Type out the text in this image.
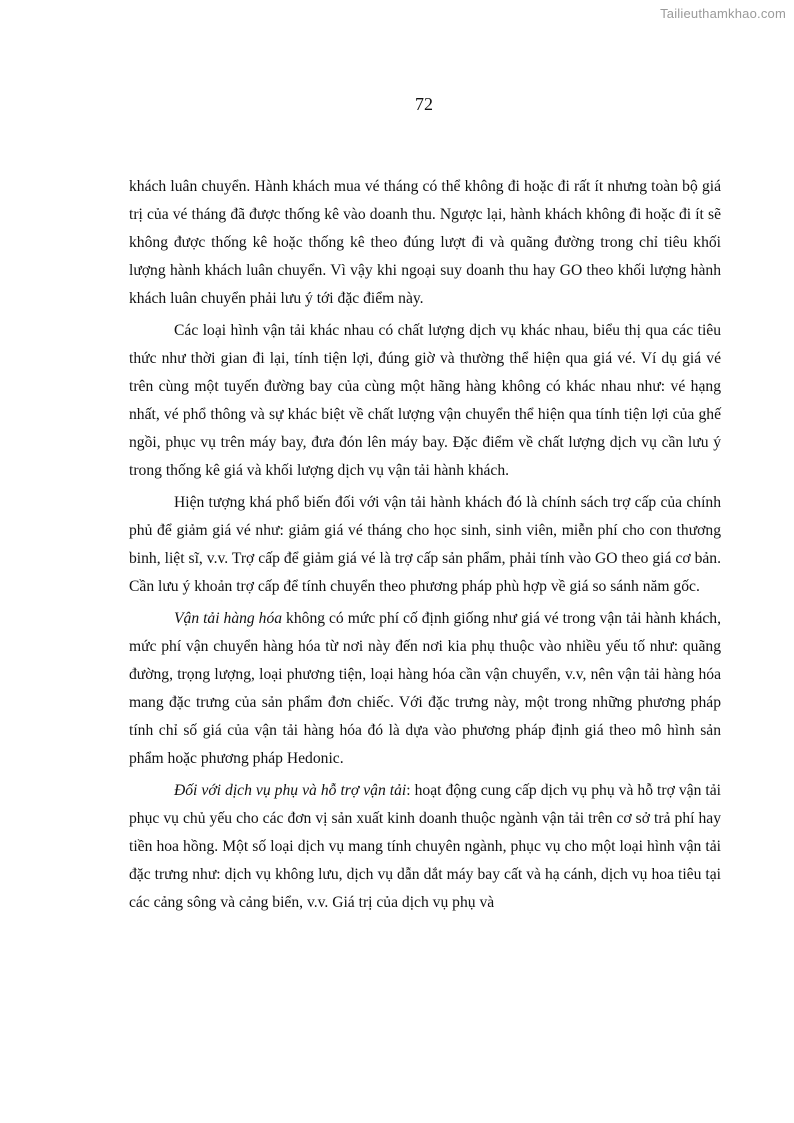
Tailieuthamkhao.com
72

khách luân chuyển. Hành khách mua vé tháng có thể không đi hoặc đi rất ít nhưng toàn bộ giá trị của vé tháng đã được thống kê vào doanh thu. Ngược lại, hành khách không đi hoặc đi ít sẽ không được thống kê hoặc thống kê theo đúng lượt đi và quãng đường trong chỉ tiêu khối lượng hành khách luân chuyển. Vì vậy khi ngoại suy doanh thu hay GO theo khối lượng hành khách luân chuyển phải lưu ý tới đặc điểm này.

Các loại hình vận tải khác nhau có chất lượng dịch vụ khác nhau, biểu thị qua các tiêu thức như thời gian đi lại, tính tiện lợi, đúng giờ và thường thể hiện qua giá vé. Ví dụ giá vé trên cùng một tuyến đường bay của cùng một hãng hàng không có khác nhau như: vé hạng nhất, vé phổ thông và sự khác biệt về chất lượng vận chuyển thể hiện qua tính tiện lợi của ghế ngồi, phục vụ trên máy bay, đưa đón lên máy bay. Đặc điểm về chất lượng dịch vụ cần lưu ý trong thống kê giá và khối lượng dịch vụ vận tải hành khách.

Hiện tượng khá phổ biến đối với vận tải hành khách đó là chính sách trợ cấp của chính phủ để giảm giá vé như: giảm giá vé tháng cho học sinh, sinh viên, miễn phí cho con thương binh, liệt sĩ, v.v. Trợ cấp để giảm giá vé là trợ cấp sản phẩm, phải tính vào GO theo giá cơ bản. Cần lưu ý khoản trợ cấp để tính chuyển theo phương pháp phù hợp về giá so sánh năm gốc.

Vận tải hàng hóa không có mức phí cố định giống như giá vé trong vận tải hành khách, mức phí vận chuyển hàng hóa từ nơi này đến nơi kia phụ thuộc vào nhiều yếu tố như: quãng đường, trọng lượng, loại phương tiện, loại hàng hóa cần vận chuyển, v.v, nên vận tải hàng hóa mang đặc trưng của sản phẩm đơn chiếc. Với đặc trưng này, một trong những phương pháp tính chỉ số giá của vận tải hàng hóa đó là dựa vào phương pháp định giá theo mô hình sản phẩm hoặc phương pháp Hedonic.

Đối với dịch vụ phụ và hỗ trợ vận tải: hoạt động cung cấp dịch vụ phụ và hỗ trợ vận tải phục vụ chủ yếu cho các đơn vị sản xuất kinh doanh thuộc ngành vận tải trên cơ sở trả phí hay tiền hoa hồng. Một số loại dịch vụ mang tính chuyên ngành, phục vụ cho một loại hình vận tải đặc trưng như: dịch vụ không lưu, dịch vụ dẫn dắt máy bay cất và hạ cánh, dịch vụ hoa tiêu tại các cảng sông và cảng biển, v.v. Giá trị của dịch vụ phụ và
